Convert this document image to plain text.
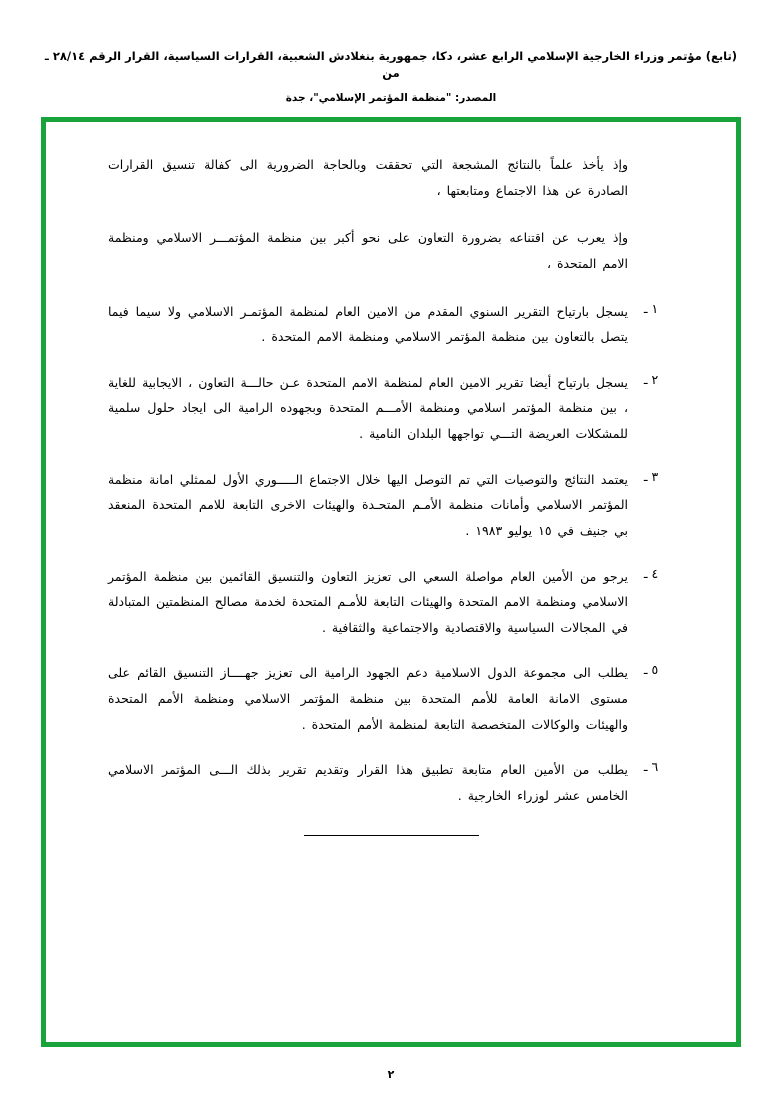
(تابع) مؤتمر وزراء الخارجية الإسلامي الرابع عشر، دكا، جمهورية بنغلادش الشعبية، القرارات السياسية، القرار الرقم ٢٨/١٤ ـ من
المصدر: "منظمة المؤتمر الإسلامي"، جدة
وإذ يأخذ علماً بالنتائج المشجعة التي تحققت وبالحاجة الضرورية الى كفالة تنسيق القرارات الصادرة عن هذا الاجتماع ومتابعتها ،
وإذ يعرب عن اقتناعه بضرورة التعاون على نحو أكبر بين منظمة المؤتمـــر الاسلامي ومنظمة الامم المتحدة ،
١ ـ
يسجل بارتياح التقرير السنوي المقدم من الامين العام لمنظمة المؤتمـر الاسلامي ولا سيما فيما يتصل بالتعاون بين منظمة المؤتمر الاسلامي ومنظمة الامم المتحدة .
٢ ـ
يسجل بارتياح أيضا تقرير الامين العام لمنظمة الامم المتحدة عـن حالـــة التعاون ، الايجابية للغاية ، بين منظمة المؤتمر اسلامي ومنظمة الأمـــم المتحدة وبجهوده الرامية الى ايجاد حلول سلمية للمشكلات العريضة التـــي تواجهها البلدان النامية .
٣ ـ
يعتمد النتائج والتوصيات التي تم التوصل اليها خلال الاجتماع الـــــوري الأول لممثلي امانة منظمة المؤتمر الاسلامي وأمانات منظمة الأمـم المتحـدة والهيئات الاخرى التابعة للامم المتحدة المنعقد بي جنيف في ١٥ يوليو ١٩٨٣ .
٤ ـ
يرجو من الأمين العام مواصلة السعي الى تعزيز التعاون والتنسيق القائمين بين منظمة المؤتمر الاسلامي ومنظمة الامم المتحدة والهيئات التابعة للأمـم المتحدة لخدمة مصالح المنظمتين المتبادلة في المجالات السياسية والاقتصادية والاجتماعية والثقافية .
٥ ـ
يطلب الى مجموعة الدول الاسلامية دعم الجهود الرامية الى تعزيز جهــــاز التنسيق القائم على مستوى الامانة العامة للأمم المتحدة بين منظمة المؤتمر الاسلامي ومنظمة الأمم المتحدة والهيئات والوكالات المتخصصة التابعة لمنظمة الأمم المتحدة .
٦ ـ
يطلب من الأمين العام متابعة تطبيق هذا القرار وتقديم تقرير بذلك الـــى المؤتمر الاسلامي الخامس عشر لوزراء الخارجية .
٢
